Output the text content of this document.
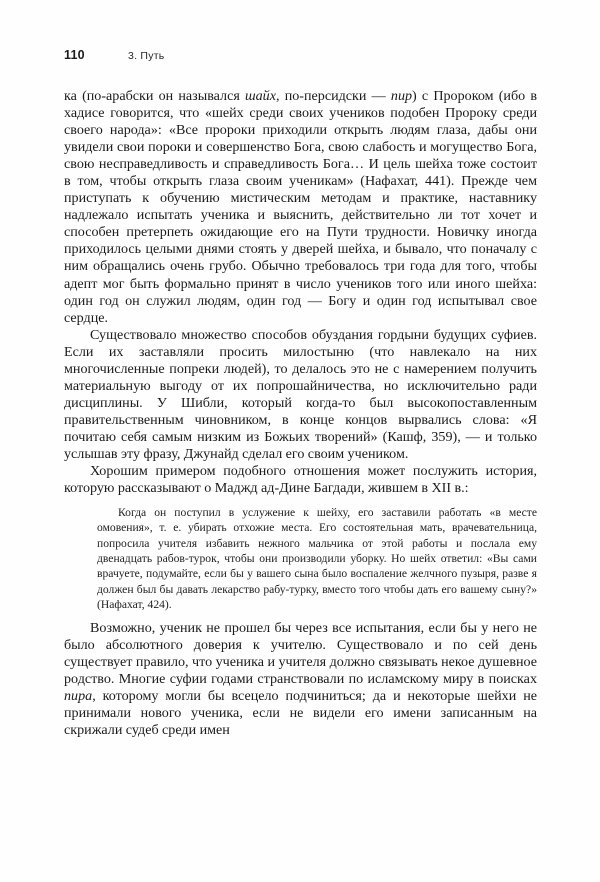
110	3. Путь

ка (по-арабски он назывался шайх, по-персидски — пир) с Пророком (ибо в хадисе говорится, что «шейх среди своих учеников подобен Пророку среди своего народа»: «Все пророки приходили открыть людям глаза, дабы они увидели свои пороки и совершенство Бога, свою слабость и могущество Бога, свою несправедливость и справедливость Бога… И цель шейха тоже состоит в том, чтобы открыть глаза своим ученикам» (Нафахат, 441). Прежде чем приступать к обучению мистическим методам и практике, наставнику надлежало испытать ученика и выяснить, действительно ли тот хочет и способен претерпеть ожидающие его на Пути трудности. Новичку иногда приходилось целыми днями стоять у дверей шейха, и бывало, что поначалу с ним обращались очень грубо. Обычно требовалось три года для того, чтобы адепт мог быть формально принят в число учеников того или иного шейха: один год он служил людям, один год — Богу и один год испытывал свое сердце.

Существовало множество способов обуздания гордыни будущих суфиев. Если их заставляли просить милостыню (что навлекало на них многочисленные попреки людей), то делалось это не с намерением получить материальную выгоду от их попрошайничества, но исключительно ради дисциплины. У Шибли, который когда-то был высокопоставленным правительственным чиновником, в конце концов вырвались слова: «Я почитаю себя самым низким из Божьих творений» (Кашф, 359), — и только услышав эту фразу, Джунайд сделал его своим учеником.

Хорошим примером подобного отношения может послужить история, которую рассказывают о Маджд ад-Дине Багдади, жившем в XII в.:

Когда он поступил в услужение к шейху, его заставили работать «в месте омовения», т. е. убирать отхожие места. Его состоятельная мать, врачевательница, попросила учителя избавить нежного мальчика от этой работы и послала ему двенадцать рабов-турок, чтобы они производили уборку. Но шейх ответил: «Вы сами врачуете, подумайте, если бы у вашего сына было воспаление желчного пузыря, разве я должен был бы давать лекарство рабу-турку, вместо того чтобы дать его вашему сыну?» (Нафахат, 424).

Возможно, ученик не прошел бы через все испытания, если бы у него не было абсолютного доверия к учителю. Существовало и по сей день существует правило, что ученика и учителя должно связывать некое душевное родство. Многие суфии годами странствовали по исламскому миру в поисках пира, которому могли бы всецело подчиниться; да и некоторые шейхи не принимали нового ученика, если не видели его имени записанным на скрижали судеб среди имен
